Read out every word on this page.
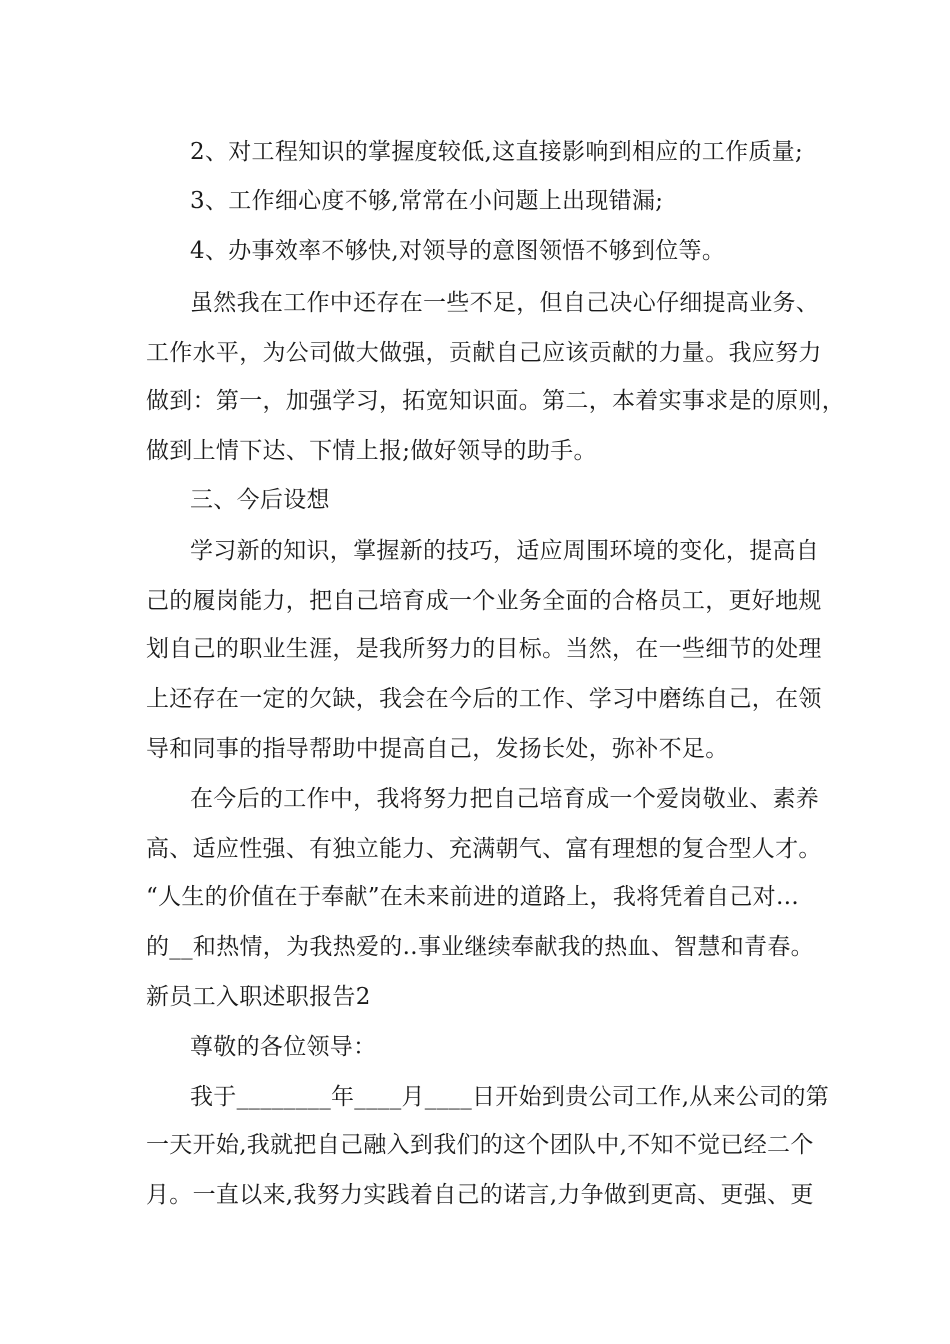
2、对工程知识的掌握度较低,这直接影响到相应的工作质量;
3、工作细心度不够,常常在小问题上出现错漏;
4、办事效率不够快,对领导的意图领悟不够到位等。
虽然我在工作中还存在一些不足，但自己决心仔细提高业务、
工作水平，为公司做大做强，贡献自己应该贡献的力量。我应努力
做到：第一，加强学习，拓宽知识面。第二，本着实事求是的原则，
做到上情下达、下情上报;做好领导的助手。
三、今后设想
学习新的知识，掌握新的技巧，适应周围环境的变化，提高自
己的履岗能力，把自己培育成一个业务全面的合格员工，更好地规
划自己的职业生涯，是我所努力的目标。当然，在一些细节的处理
上还存在一定的欠缺，我会在今后的工作、学习中磨练自己，在领
导和同事的指导帮助中提高自己，发扬长处，弥补不足。
在今后的工作中，我将努力把自己培育成一个爱岗敬业、素养
高、适应性强、有独立能力、充满朝气、富有理想的复合型人才。
“人生的价值在于奉献”在未来前进的道路上，我将凭着自己对…
的__和热情，为我热爱的..事业继续奉献我的热血、智慧和青春。
新员工入职述职报告2
尊敬的各位领导：
我于________年____月____日开始到贵公司工作,从来公司的第
一天开始,我就把自己融入到我们的这个团队中,不知不觉已经二个
月。一直以来,我努力实践着自己的诺言,力争做到更高、更强、更
